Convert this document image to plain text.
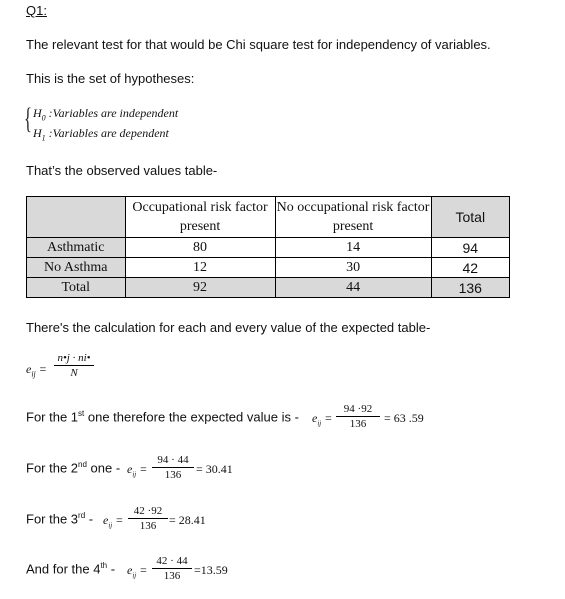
Q1:
The relevant test for that would be Chi square test for independency of variables.
This is the set of hypotheses:
{ $H_0$ :Variables are independent
$H_1$ :Variables are dependent
That’s the observed values table-
	Occupational risk factor present	No occupational risk factor present	Total
Asthmatic	80	14	94
No Asthma	12	30	42
Total	92	44	136
There's the calculation for each and every value of the expected table-
$e_{ij}$ =
n•j · ni•
N
For the 1st one therefore the expected value is - $e_{ij}$ =
94 ·92
136	= 63 .59
For the 2nd one - $e_{ij}$ =
94 · 44
136	= 30.41
For the $3rd - e_{ij}$ =
42 ·92
136	= 28.41
And for the $4th - e_{ij}$ =
42 · 44
136	=13.59
